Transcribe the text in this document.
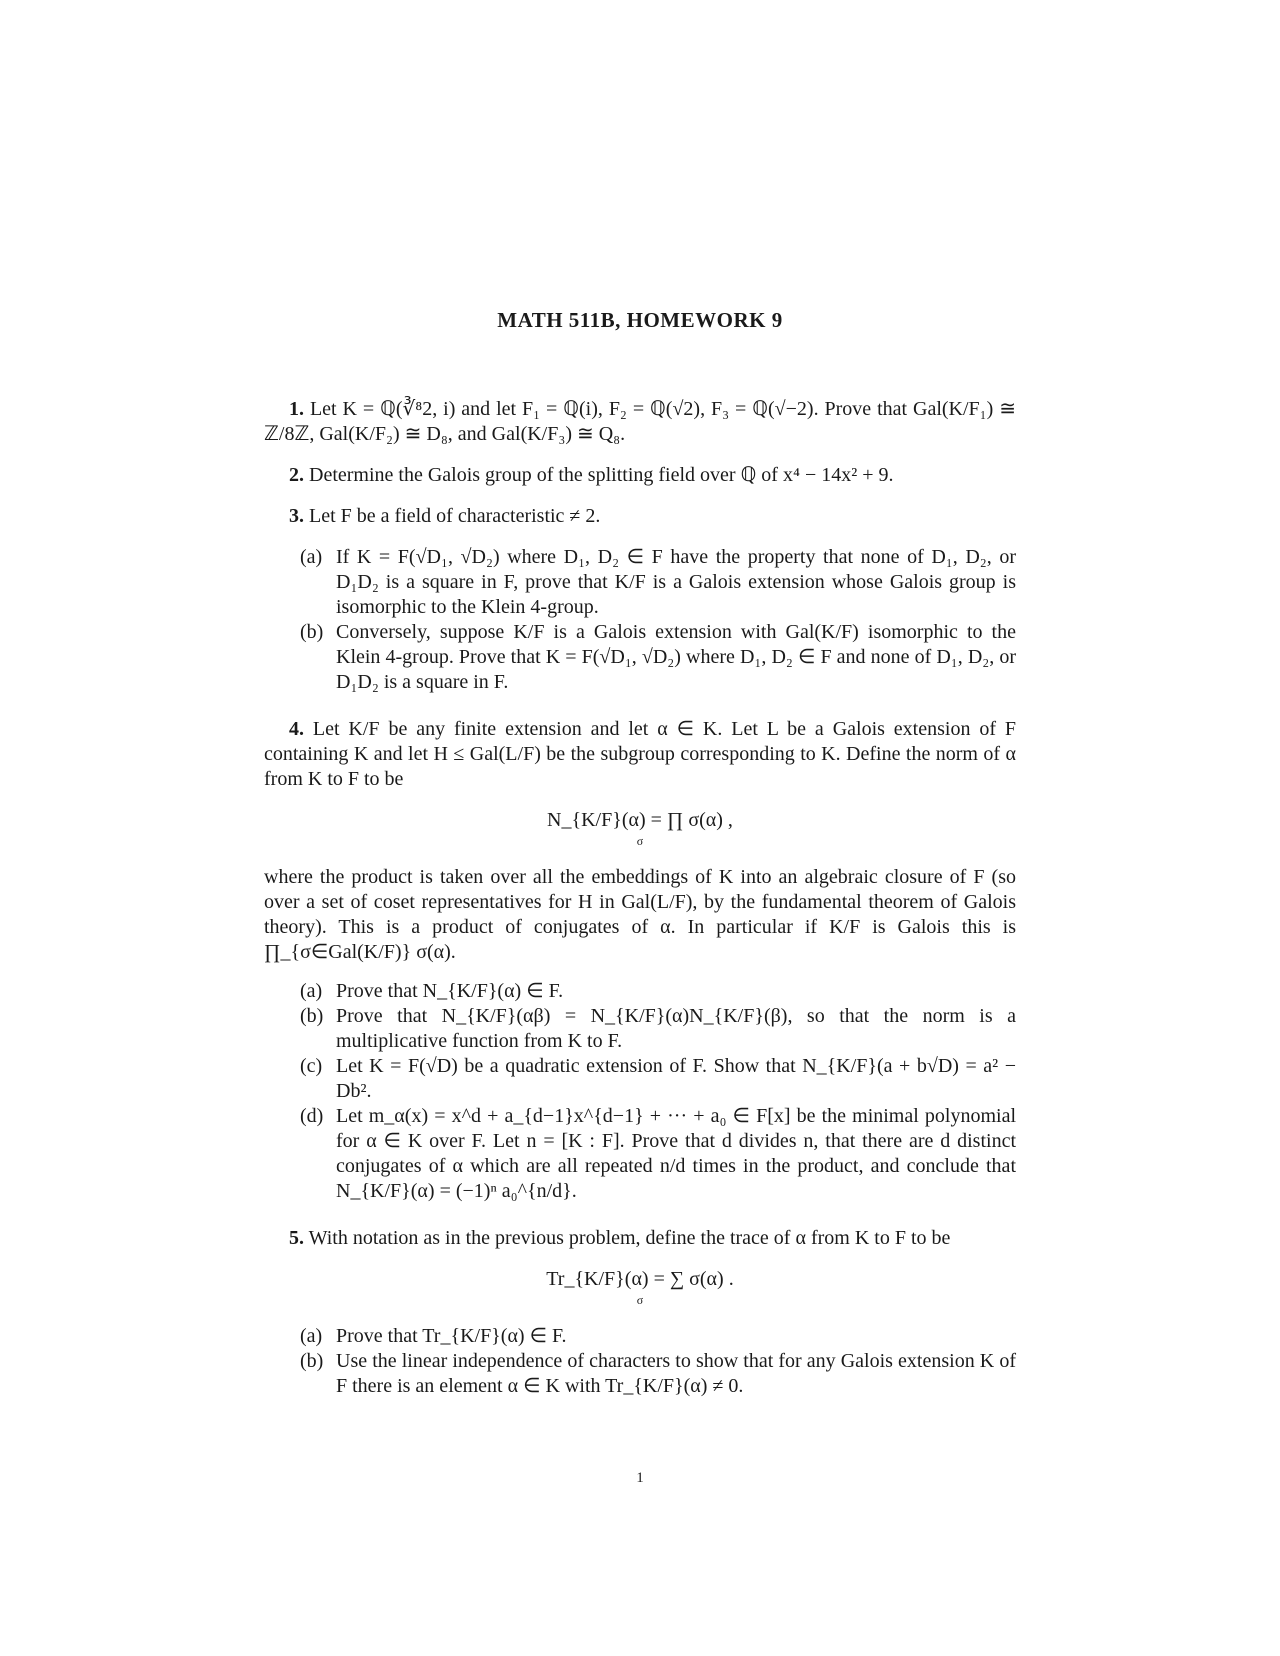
MATH 511B, HOMEWORK 9

1. Let K = ℚ(∛⁸2, i) and let F₁ = ℚ(i), F₂ = ℚ(√2), F₃ = ℚ(√−2). Prove that Gal(K/F₁) ≅ ℤ/8ℤ, Gal(K/F₂) ≅ D₈, and Gal(K/F₃) ≅ Q₈.

2. Determine the Galois group of the splitting field over ℚ of x⁴ − 14x² + 9.

3. Let F be a field of characteristic ≠ 2.

(a) If K = F(√D₁, √D₂) where D₁, D₂ ∈ F have the property that none of D₁, D₂, or D₁D₂ is a square in F, prove that K/F is a Galois extension whose Galois group is isomorphic to the Klein 4-group.
(b) Conversely, suppose K/F is a Galois extension with Gal(K/F) isomorphic to the Klein 4-group. Prove that K = F(√D₁, √D₂) where D₁, D₂ ∈ F and none of D₁, D₂, or D₁D₂ is a square in F.

4. Let K/F be any finite extension and let α ∈ K. Let L be a Galois extension of F containing K and let H ≤ Gal(L/F) be the subgroup corresponding to K. Define the norm of α from K to F to be

N_{K/F}(α) = ∏ σ(α) ,
σ

where the product is taken over all the embeddings of K into an algebraic closure of F (so over a set of coset representatives for H in Gal(L/F), by the fundamental theorem of Galois theory). This is a product of conjugates of α. In particular if K/F is Galois this is ∏_{σ∈Gal(K/F)} σ(α).

(a) Prove that N_{K/F}(α) ∈ F.
(b) Prove that N_{K/F}(αβ) = N_{K/F}(α)N_{K/F}(β), so that the norm is a multiplicative function from K to F.
(c) Let K = F(√D) be a quadratic extension of F. Show that N_{K/F}(a + b√D) = a² − Db².
(d) Let m_α(x) = x^d + a_{d−1}x^{d−1} + ··· + a₀ ∈ F[x] be the minimal polynomial for α ∈ K over F. Let n = [K : F]. Prove that d divides n, that there are d distinct conjugates of α which are all repeated n/d times in the product, and conclude that N_{K/F}(α) = (−1)ⁿ a₀^{n/d}.

5. With notation as in the previous problem, define the trace of α from K to F to be

Tr_{K/F}(α) = ∑ σ(α) .
σ
(a) Prove that Tr_{K/F}(α) ∈ F.
(b) Use the linear independence of characters to show that for any Galois extension K of F there is an element α ∈ K with Tr_{K/F}(α) ≠ 0.
1
